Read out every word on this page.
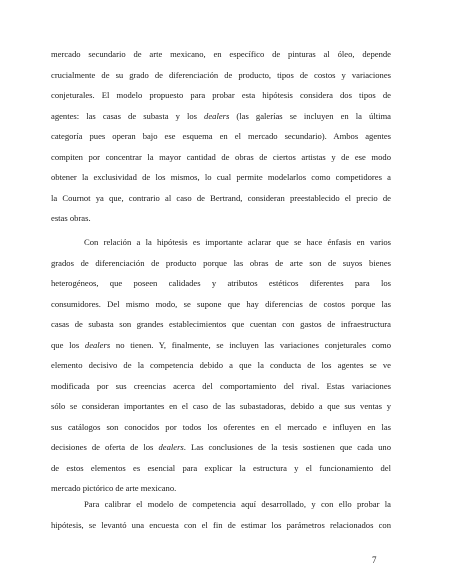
mercado secundario de arte mexicano, en específico de pinturas al óleo, depende
crucialmente de su grado de diferenciación de producto, tipos de costos y variaciones
conjeturales. El modelo propuesto para probar esta hipótesis considera dos tipos de
agentes: las casas de subasta y los dealers (las galerías se incluyen en la última
categoría pues operan bajo ese esquema en el mercado secundario). Ambos agentes
compiten por concentrar la mayor cantidad de obras de ciertos artistas y de ese modo
obtener la exclusividad de los mismos, lo cual permite modelarlos como competidores a
la Cournot ya que, contrario al caso de Bertrand, consideran preestablecido el precio de
estas obras.
Con relación a la hipótesis es importante aclarar que se hace énfasis en varios
grados de diferenciación de producto porque las obras de arte son de suyos bienes
heterogéneos, que poseen calidades y atributos estéticos diferentes para los
consumidores. Del mismo modo, se supone que hay diferencias de costos porque las
casas de subasta son grandes establecimientos que cuentan con gastos de infraestructura
que los dealers no tienen. Y, finalmente, se incluyen las variaciones conjeturales como
elemento decisivo de la competencia debido a que la conducta de los agentes se ve
modificada por sus creencias acerca del comportamiento del rival. Estas variaciones
sólo se consideran importantes en el caso de las subastadoras, debido a que sus ventas y
sus catálogos son conocidos por todos los oferentes en el mercado e influyen en las
decisiones de oferta de los dealers. Las conclusiones de la tesis sostienen que cada uno
de estos elementos es esencial para explicar la estructura y el funcionamiento del
mercado pictórico de arte mexicano.
Para calibrar el modelo de competencia aquí desarrollado, y con ello probar la
hipótesis, se levantó una encuesta con el fin de estimar los parámetros relacionados con
7
